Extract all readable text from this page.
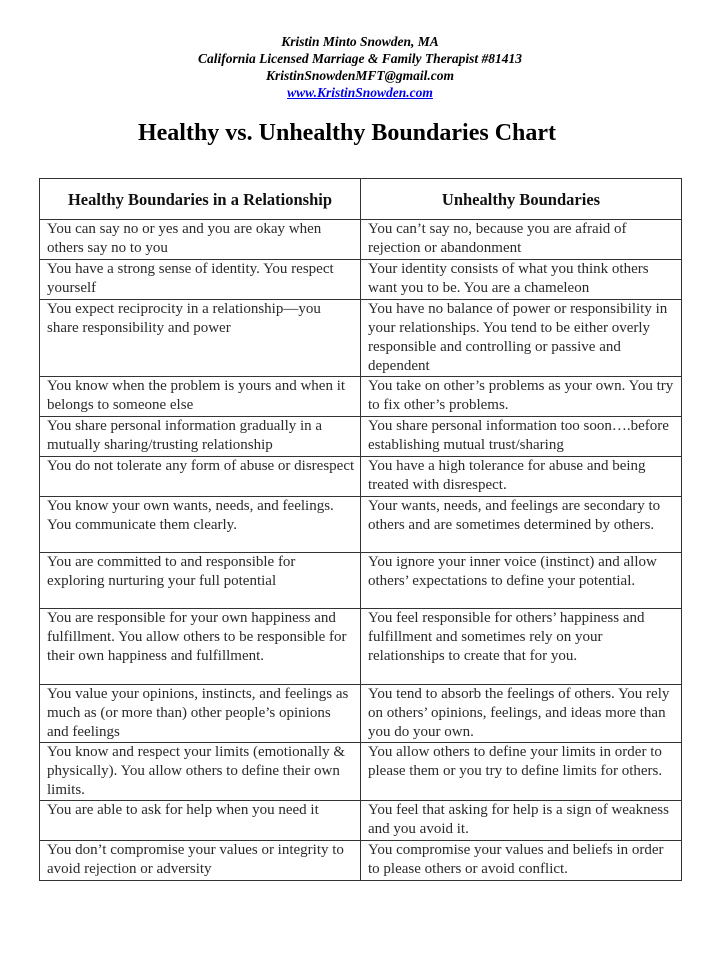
Kristin Minto Snowden, MA
California Licensed Marriage & Family Therapist #81413
KristinSnowdenMFT@gmail.com
www.KristinSnowden.com
Healthy vs. Unhealthy Boundaries Chart
Healthy Boundaries in a Relationship	Unhealthy Boundaries
You can say no or yes and you are okay when others say no to you	You can’t say no, because you are afraid of rejection or abandonment
You have a strong sense of identity. You respect yourself	Your identity consists of what you think others want you to be. You are a chameleon
You expect reciprocity in a relationship—you share responsibility and power	You have no balance of power or responsibility in your relationships. You tend to be either overly responsible and controlling or passive and dependent
You know when the problem is yours and when it belongs to someone else	You take on other’s problems as your own. You try to fix other’s problems.
You share personal information gradually in a mutually sharing/trusting relationship	You share personal information too soon….before establishing mutual trust/sharing
You do not tolerate any form of abuse or disrespect	You have a high tolerance for abuse and being treated with disrespect.
You know your own wants, needs, and feelings. You communicate them clearly.	Your wants, needs, and feelings are secondary to others and are sometimes determined by others.
You are committed to and responsible for exploring nurturing your full potential	You ignore your inner voice (instinct) and allow others’ expectations to define your potential.
You are responsible for your own happiness and fulfillment. You allow others to be responsible for their own happiness and fulfillment.	You feel responsible for others’ happiness and fulfillment and sometimes rely on your relationships to create that for you.
You value your opinions, instincts, and feelings as much as (or more than) other people’s opinions and feelings	You tend to absorb the feelings of others. You rely on others’ opinions, feelings, and ideas more than you do your own.
You know and respect your limits (emotionally & physically). You allow others to define their own limits.	You allow others to define your limits in order to please them or you try to define limits for others.
You are able to ask for help when you need it	You feel that asking for help is a sign of weakness and you avoid it.
You don’t compromise your values or integrity to avoid rejection or adversity	You compromise your values and beliefs in order to please others or avoid conflict.
